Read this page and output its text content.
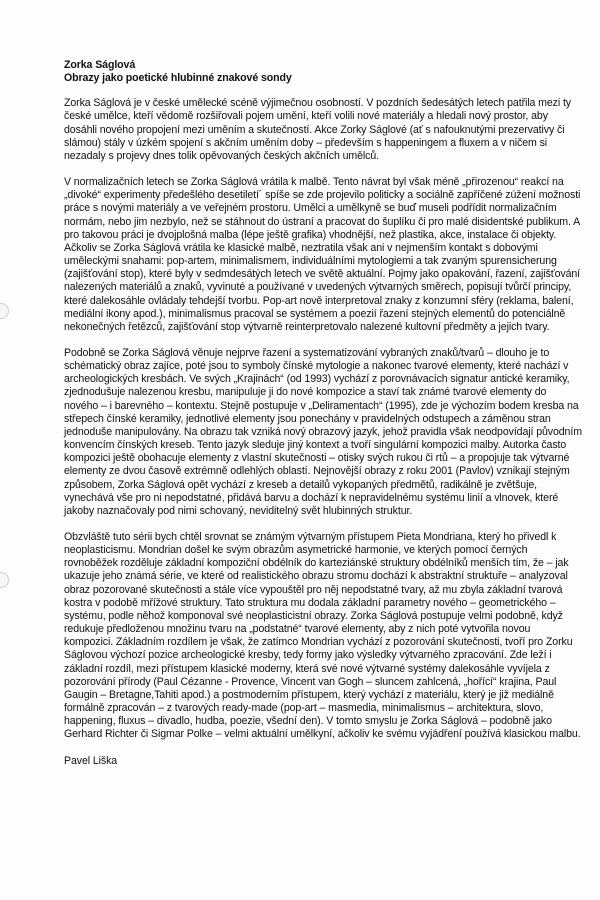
Zorka Ságlová
Obrazy jako poetické hlubinné znakové sondy

Zorka Ságlová je v české umělecké scéně výjimečnou osobností. V pozdních šedesátých letech patřila mezi ty české umělce, kteří vědomě rozšiřovali pojem umění, kteří volili nové materiály a hledali nový prostor, aby dosáhli nového propojení mezi uměním a skutečností. Akce Zorky Ságlové (ať s nafouknutými prezervativy či slámou) stály v úzkém spojení s akčním uměním doby – především s happeningem a fluxem a v ničem si nezadaly s projevy dnes tolik opěvovaných českých akčních umělců.

V normalizačních letech se Zorka Ságlová vrátila k malbě. Tento návrat byl však méně „přirozenou“ reakcí na „divoké“ experimenty předešlého desetiletí´ spíše se zde projevilo politicky a sociálně zapříčené zúžení možnosti práce s novými materiály a ve veřejném prostoru. Umělci a umělkyně se buď museli podřídit normalizačním normám, nebo jim nezbylo, než se stáhnout do ústraní a pracovat do šuplíku či pro malé disidentské publikum. A pro takovou práci je dvojplošná malba (lépe ještě grafika) vhodnější, než plastika, akce, instalace či objekty. Ačkoliv se Zorka Ságlová vrátila ke klasické malbě, neztratila však ani v nejmenším kontakt s dobovými uměleckými snahami: pop-artem, minimalismem, individuálními mytologiemi a tak zvaným spurensicherung (zajišťování stop), které byly v sedmdesátých letech ve světě aktuální. Pojmy jako opakování, řazení, zajišťování nalezených materiálů a znaků, vyvinuté a používané v uvedených výtvarných směrech, popisují tvůrčí principy, které dalekosáhle ovládaly tehdejší tvorbu. Pop-art nově interpretoval znaky z konzumní sféry (reklama, balení, mediální ikony apod.), minimalismus pracoval se systémem a poezií řazení stejných elementů do potenciálně nekonečných řetězců, zajišťování stop výtvarně reinterpretovalo nalezené kultovní předměty a jejich tvary.

Podobně se Zorka Ságlová věnuje nejprve řazení a systematizování vybraných znaků/tvarů – dlouho je to schématický obraz zajíce, poté jsou to symboly čínské mytologie a nakonec tvarové elementy, které nachází v archeologických kresbách. Ve svých „Krajinách“ (od 1993) vychází z porovnávacích signatur antické keramiky, zjednodušuje nalezenou kresbu, manipuluje ji do nové kompozice a staví tak známé tvarové elementy do nového – i barevného – kontextu. Stejně postupuje v „Deliramentach“ (1995), zde je výchozím bodem kresba na střepech čínské keramiky, jednotlivé elementy jsou ponechány v pravidelných odstupech a záměnou stran jednoduše manipulovány. Na obrazu tak vzniká nový obrazový jazyk, jehož pravidla však neodpovídají původním konvencím čínských kreseb. Tento jazyk sleduje jiný kontext a tvoří singulární kompozici malby. Autorka často kompozici ještě obohacuje elementy z vlastní skutečnosti – otisky svých rukou či rtů – a propojuje tak výtvarné elementy ze dvou časově extrémně odlehlých oblastí. Nejnovější obrazy z roku 2001 (Pavlov) vznikají stejným způsobem, Zorka Ságlová opět vychází z kreseb a detailů vykopaných předmětů, radikálně je zvětšuje, vynechává vše pro ni nepodstatné, přidává barvu a dochází k nepravidelnému systému linií a vlnovek, které jakoby naznačovaly pod nimi schovaný, neviditelný svět hlubinných struktur.

Obzvláště tuto sérii bych chtěl srovnat se známým výtvarným přístupem Pieta Mondriana, který ho přivedl k neoplasticismu. Mondrian došel ke svým obrazům asymetrické harmonie, ve kterých pomocí černých rovnoběžek rozděluje základní kompoziční obdélník do karteziánské struktury obdélníků menších tím, že – jak ukazuje jeho známá série, ve které od realistického obrazu stromu dochází k abstraktní struktuře – analyzoval obraz pozorované skutečnosti a stále více vypouštěl pro něj nepodstatné tvary, až mu zbyla základní tvarová kostra v podobě mřížové struktury. Tato struktura mu dodala základní parametry nového – geometrického – systému, podle něhož komponoval své neoplasticistní obrazy. Zorka Ságlová postupuje velmi podobně, když redukuje předloženou množinu tvaru na „podstatné“ tvarové elementy, aby z nich poté vytvořila novou kompozici. Základním rozdílem je však, že zatímco Mondrian vychází z pozorování skutečnosti, tvoří pro Zorku Ságlovou výchozí pozice archeologické kresby, tedy formy jako výsledky výtvarného zpracování. Zde leží i základní rozdíl, mezi přístupem klasické moderny, která své nové výtvarné systémy dalekosáhle vyvíjela z pozorování přírody (Paul Cézanne - Provence, Vincent van Gogh – sluncem zahlcená, „hořící“ krajina, Paul Gaugin – Bretagne,Tahiti apod.) a postmoderním přístupem, který vychází z materiálu, který je již mediálně formálně zpracován – z tvarových ready-made (pop-art – masmedia, minimalismus – architektura, slovo, happening, fluxus – divadlo, hudba, poezie, všední den). V tomto smyslu je Zorka Ságlová – podobně jako Gerhard Richter či Sigmar Polke – velmi aktuální umělkyní, ačkoliv ke svému vyjádření používá klasickou malbu.

Pavel Liška
